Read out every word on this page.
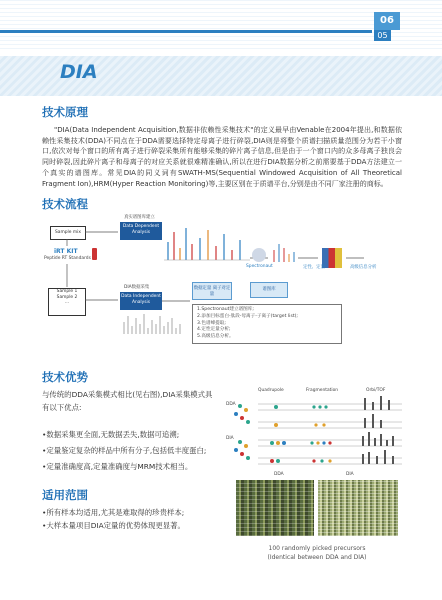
06
05
DIA
技术原理

"DIA(Data Independent Acquisition,数据非依赖性采集技术"的定义最早由Venable在2004年提出,和数据依赖性采集技术(DDA)不同点在于DDA需要选择特定母离子进行碎裂,DIA则是将整个质谱扫描质量范围分为若干小窗口,依次对每个窗口的所有离子进行碎裂采集所有能够采集的碎片离子信息,但是由于一个窗口内的众多母离子独良会同时碎裂,因此碎片离子和母离子的对应关系就很难精准确认,所以在进行DIA数据分析之前需要基于DDA方法建立一个真实的谱图库。常见DIA的同义词有SWATH-MS(Sequential Windowed Acquisition of All Theoretical Fragment Ion),HRM(Hyper Reaction Monitoring)等,主要区别在于质谱平台,分别是由不同厂家注册的商标。

技术流程
Sample mix
iRT KIT
Peptide RT Standards
Sample 1
Sample 2
...
真实谱图库建立
Data Dependent Analysis
Spectronaut	定性、定量	高级信息分析
DIA数据采集
Data Independent Analysis
数据定量 离子对定量
谱图库
1.Spectronaut建立谱图库;
2.添加目标蛋白-肽段-母离子-子离子(target list);
3.色谱峰提取;
4.定性定量分析;
5.高级信息分析。
技术优势
与传统的DDA采集模式相比(见右图),DIA采集模式具有以下优点:
•数据采集更全面,无数据丢失,数据可追溯;
•定量鉴定复杂的样品中所有分子,包括低丰度蛋白;
•定量准确度高,定量准确度与MRM技术相当。
适用范围
•所有样本均适用,尤其是难取得的珍贵样本;
•大样本量项目DIA定量的优势体现更显著。
Quadrupole	Fragmentation	Orbi/TOF
DDA
DIA
DDA	DIA
100 randomly picked precursors
(Identical between DDA and DIA)
